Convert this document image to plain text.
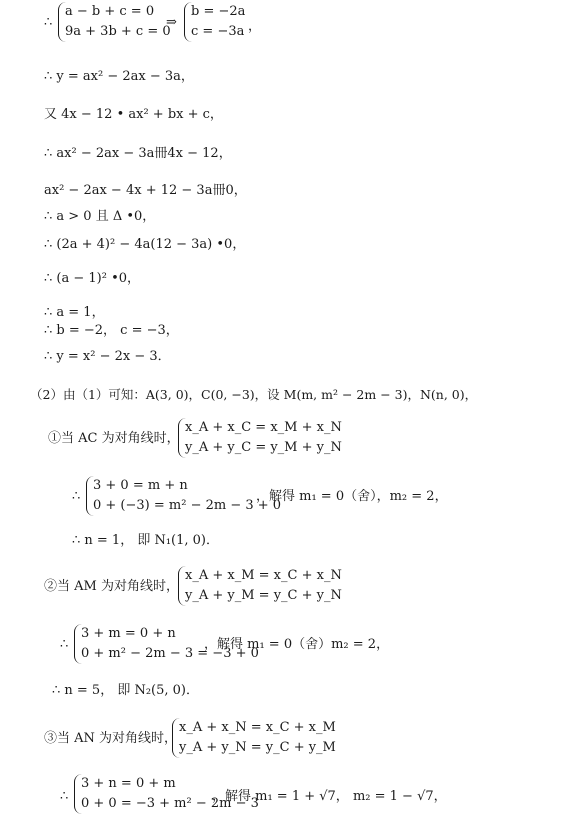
∴
a − b + c = 0
9a + 3b + c = 0
⇒
b = −2a
c = −3a ，
∴ y = ax² − 2ax − 3a，
又 4x − 12 • ax² + bx + c，
∴ ax² − 2ax − 3a冊4x − 12，
ax² − 2ax − 4x + 12 − 3a冊0，
∴ a > 0 且 Δ •0，
∴ (2a + 4)² − 4a(12 − 3a) •0，
∴ (a − 1)² •0，
∴ a = 1，
∴ b = −2， c = −3，
∴ y = x² − 2x − 3．
（2）由（1）可知：A(3, 0)，C(0, −3)，设 M(m, m² − 2m − 3)，N(n, 0)，
①当 AC 为对角线时，
x_A + x_C = x_M + x_N
y_A + y_C = y_M + y_N
∴
3 + 0 = m + n
0 + (−3) = m² − 2m − 3 + 0
，解得 m₁ = 0（舍），m₂ = 2，
∴ n = 1， 即 N₁(1, 0)．
②当 AM 为对角线时，
x_A + x_M = x_C + x_N
y_A + y_M = y_C + y_N
∴
3 + m = 0 + n
0 + m² − 2m − 3 = −3 + 0
，解得 m₁ = 0（舍）m₂ = 2，
∴ n = 5， 即 N₂(5, 0)．
③当 AN 为对角线时，
x_A + x_N = x_C + x_M
y_A + y_N = y_C + y_M
∴
3 + n = 0 + m
0 + 0 = −3 + m² − 2m − 3
，解得 m₁ = 1 + √7， m₂ = 1 − √7，
